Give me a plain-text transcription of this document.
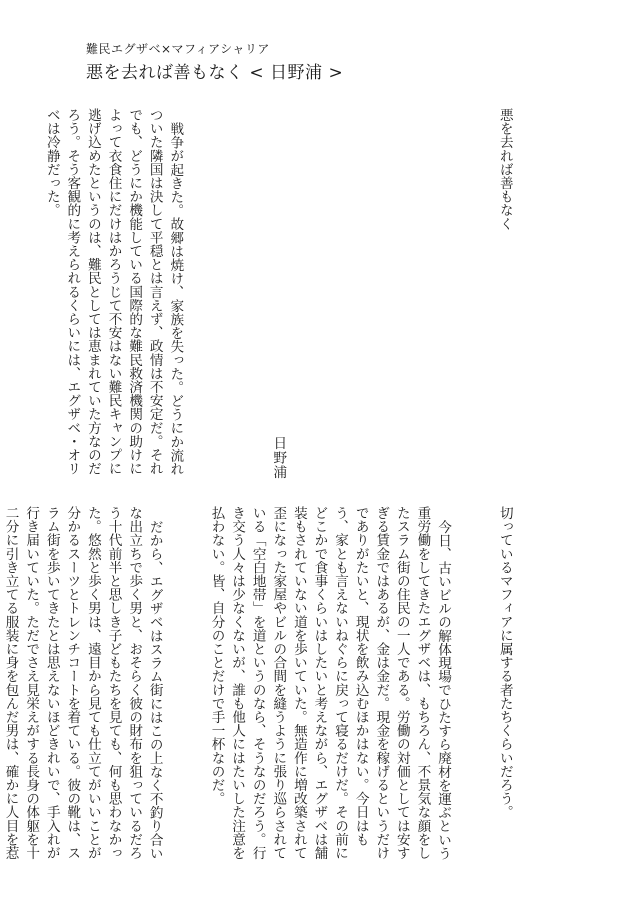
難民エグザベ×マフィアシャリア
悪を去れば善もなく < 日野浦 >

悪を去れば善もなく

日野浦

戦争が起きた。故郷は焼け、家族を失った。どうにか流れついた隣国は決して平穏とは言えず、政情は不安定だ。それでも、どうにか機能している国際的な難民救済機関の助けによって衣食住にだけはかろうじて不安はない難民キャンプに逃げ込めたというのは、難民としては恵まれていた方なのだろう。そう客観的に考えられるくらいには、エグザベ・オリベは冷静だった。

切っているマフィアに属する者たちくらいだろう。

今日、古いビルの解体現場でひたすら廃材を運ぶという重労働をしてきたエグザベは、もちろん、不景気な顔をしたスラム街の住民の一人である。労働の対価としては安すぎる賃金ではあるが、金は金だ。現金を稼げるというだけでありがたいと、現状を飲み込むほかはない。今日はもう、家とも言えないねぐらに戻って寝るだけだ。その前にどこかで食事くらいはしたいと考えながら、エグザベは舗装もされていない道を歩いていた。無造作に増改築されて歪になった家屋やビルの合間を縫うように張り巡らされている「空白地帯」を道というのなら、そうなのだろう。行き交う人々は少なくないが、誰も他人にはたいした注意を払わない。皆、自分のことだけで手一杯なのだ。

だから、エグザベはスラム街にはこの上なく不釣り合いな出立ちで歩く男と、おそらく彼の財布を狙っているだろう十代前半と思しき子どもたちを見ても、何も思わなかった。悠然と歩く男は、遠目から見ても仕立てがいいことが分かるスーツとトレンチコートを着ている。彼の靴は、スラム街を歩いてきたとは思えないほどきれいで、手入れが行き届いていた。ただでさえ見栄えがする長身の体躯を十二分に引き立てる服装に身を包んだ男は、確かに人目を惹
